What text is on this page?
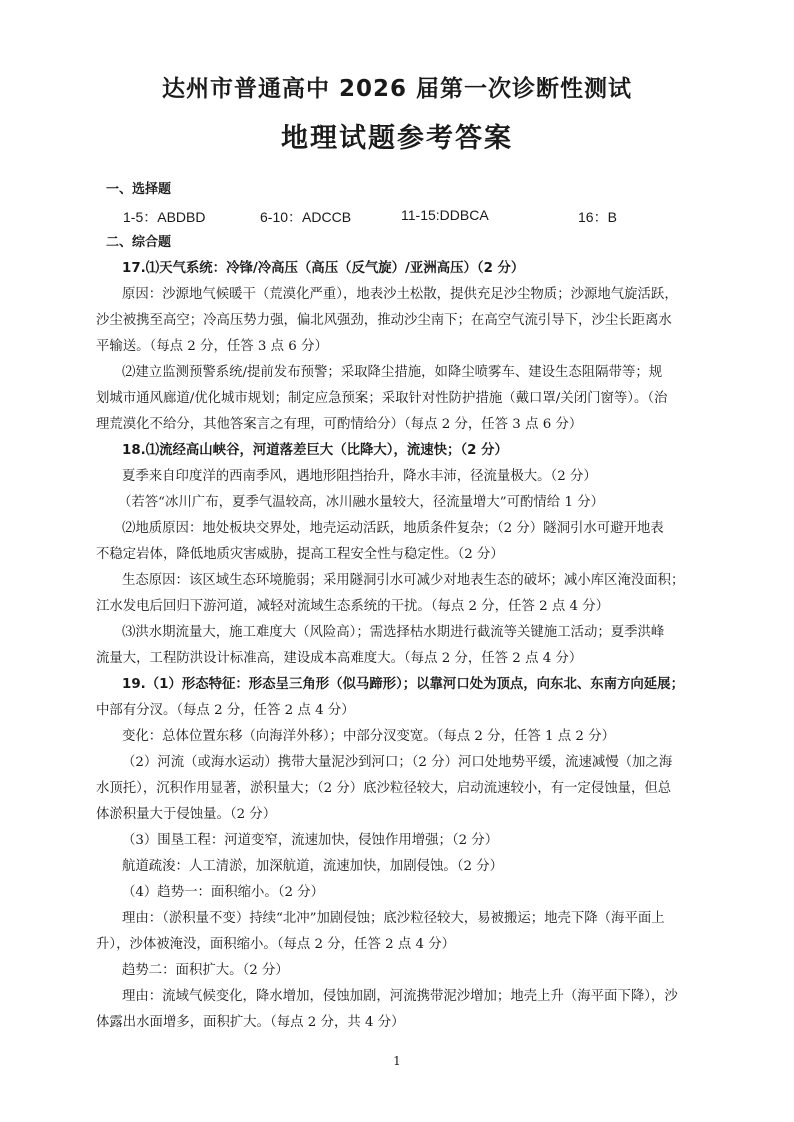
达州市普通高中 2026 届第一次诊断性测试
地理试题参考答案
一、选择题
1-5：ABDBD	6-10：ADCCB	11-15:DDBCA	16：B
二、综合题
17.⑴天气系统：冷锋/冷高压（高压（反气旋）/亚洲高压）（2 分）
原因：沙源地气候暖干（荒漠化严重），地表沙土松散，提供充足沙尘物质；沙源地气旋活跃，
沙尘被携至高空；冷高压势力强，偏北风强劲，推动沙尘南下；在高空气流引导下，沙尘长距离水
平输送。（每点 2 分，任答 3 点 6 分）
⑵建立监测预警系统/提前发布预警；采取降尘措施，如降尘喷雾车、建设生态阻隔带等；规
划城市通风廊道/优化城市规划；制定应急预案；采取针对性防护措施（戴口罩/关闭门窗等）。（治
理荒漠化不给分，其他答案言之有理，可酌情给分）（每点 2 分，任答 3 点 6 分）
18.⑴流经高山峡谷，河道落差巨大（比降大），流速快；（2 分）
夏季来自印度洋的西南季风，遇地形阻挡抬升，降水丰沛，径流量极大。（2 分）
（若答“冰川广布，夏季气温较高，冰川融水量较大，径流量增大”可酌情给 1 分）
⑵地质原因：地处板块交界处，地壳运动活跃，地质条件复杂；（2 分）隧洞引水可避开地表
不稳定岩体，降低地质灾害威胁，提高工程安全性与稳定性。（2 分）
生态原因：该区域生态环境脆弱；采用隧洞引水可减少对地表生态的破坏；减小库区淹没面积；
江水发电后回归下游河道，减轻对流域生态系统的干扰。（每点 2 分，任答 2 点 4 分）
⑶洪水期流量大，施工难度大（风险高）；需选择枯水期进行截流等关键施工活动；夏季洪峰
流量大，工程防洪设计标准高，建设成本高难度大。（每点 2 分，任答 2 点 4 分）
19.（1）形态特征：形态呈三角形（似马蹄形）；以靠河口处为顶点，向东北、东南方向延展；
中部有分汊。（每点 2 分，任答 2 点 4 分）
变化：总体位置东移（向海洋外移）；中部分汊变宽。（每点 2 分，任答 1 点 2 分）
（2）河流（或海水运动）携带大量泥沙到河口；（2 分）河口处地势平缓，流速减慢（加之海
水顶托），沉积作用显著，淤积量大；（2 分）底沙粒径较大，启动流速较小，有一定侵蚀量，但总
体淤积量大于侵蚀量。（2 分）
（3）围垦工程：河道变窄，流速加快，侵蚀作用增强；（2 分）
航道疏浚：人工清淤，加深航道，流速加快，加剧侵蚀。（2 分）
（4）趋势一：面积缩小。（2 分）
理由：（淤积量不变）持续“北冲”加剧侵蚀；底沙粒径较大，易被搬运；地壳下降（海平面上
升），沙体被淹没，面积缩小。（每点 2 分，任答 2 点 4 分）
趋势二：面积扩大。（2 分）
理由：流域气候变化，降水增加，侵蚀加剧，河流携带泥沙增加；地壳上升（海平面下降），沙
体露出水面增多，面积扩大。（每点 2 分，共 4 分）
1
